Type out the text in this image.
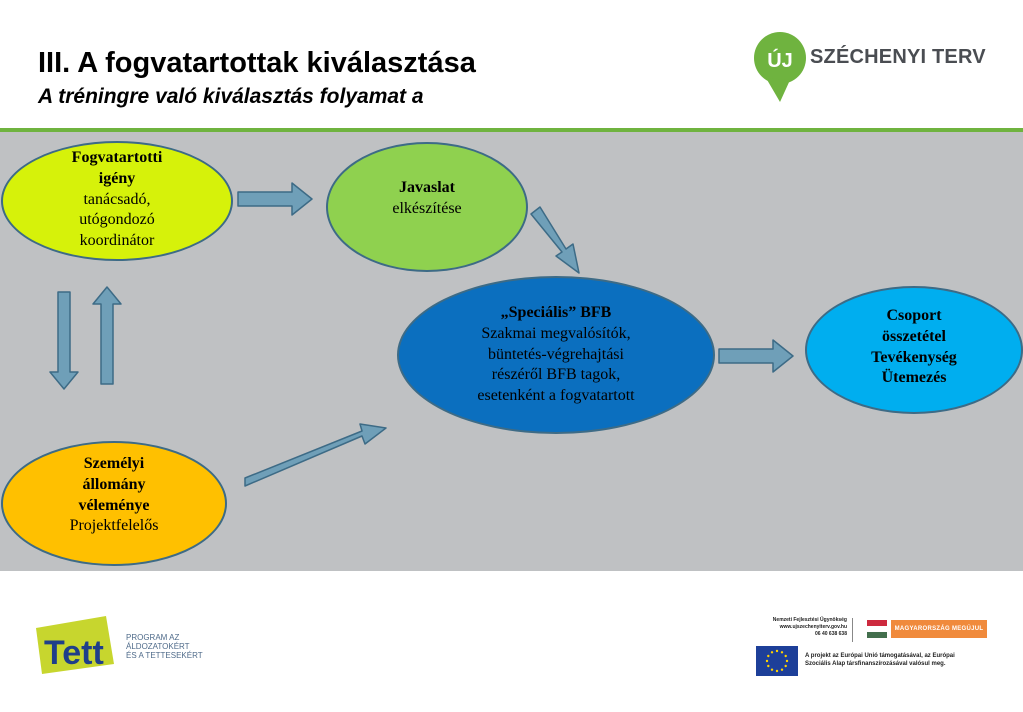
III. A fogvatartottak kiválasztása
A tréningre való kiválasztás folyamat a
ÚJ SZÉCHENYI TERV
Fogvatartotti
igény
tanácsadó,
utógondozó
koordinátor
Javaslat
elkészítése
„Speciális” BFB
Szakmai megvalósítók,
büntetés-végrehajtási
részéről BFB tagok,
esetenként a fogvatartott
Csoport
összetétel
Tevékenység
Ütemezés
Személyi
állomány
véleménye
Projektfelelős
Tett	PROGRAM AZ
ÁLDOZATOKÉRT
ÉS A TETTESEKÉRT
Nemzeti Fejlesztési Ügynökség
www.ujszechenyiterv.gov.hu
06 40 638 638
MAGYARORSZÁG MEGÚJUL
A projekt az Európai Unió támogatásával, az Európai
Szociális Alap társfinanszírozásával valósul meg.
